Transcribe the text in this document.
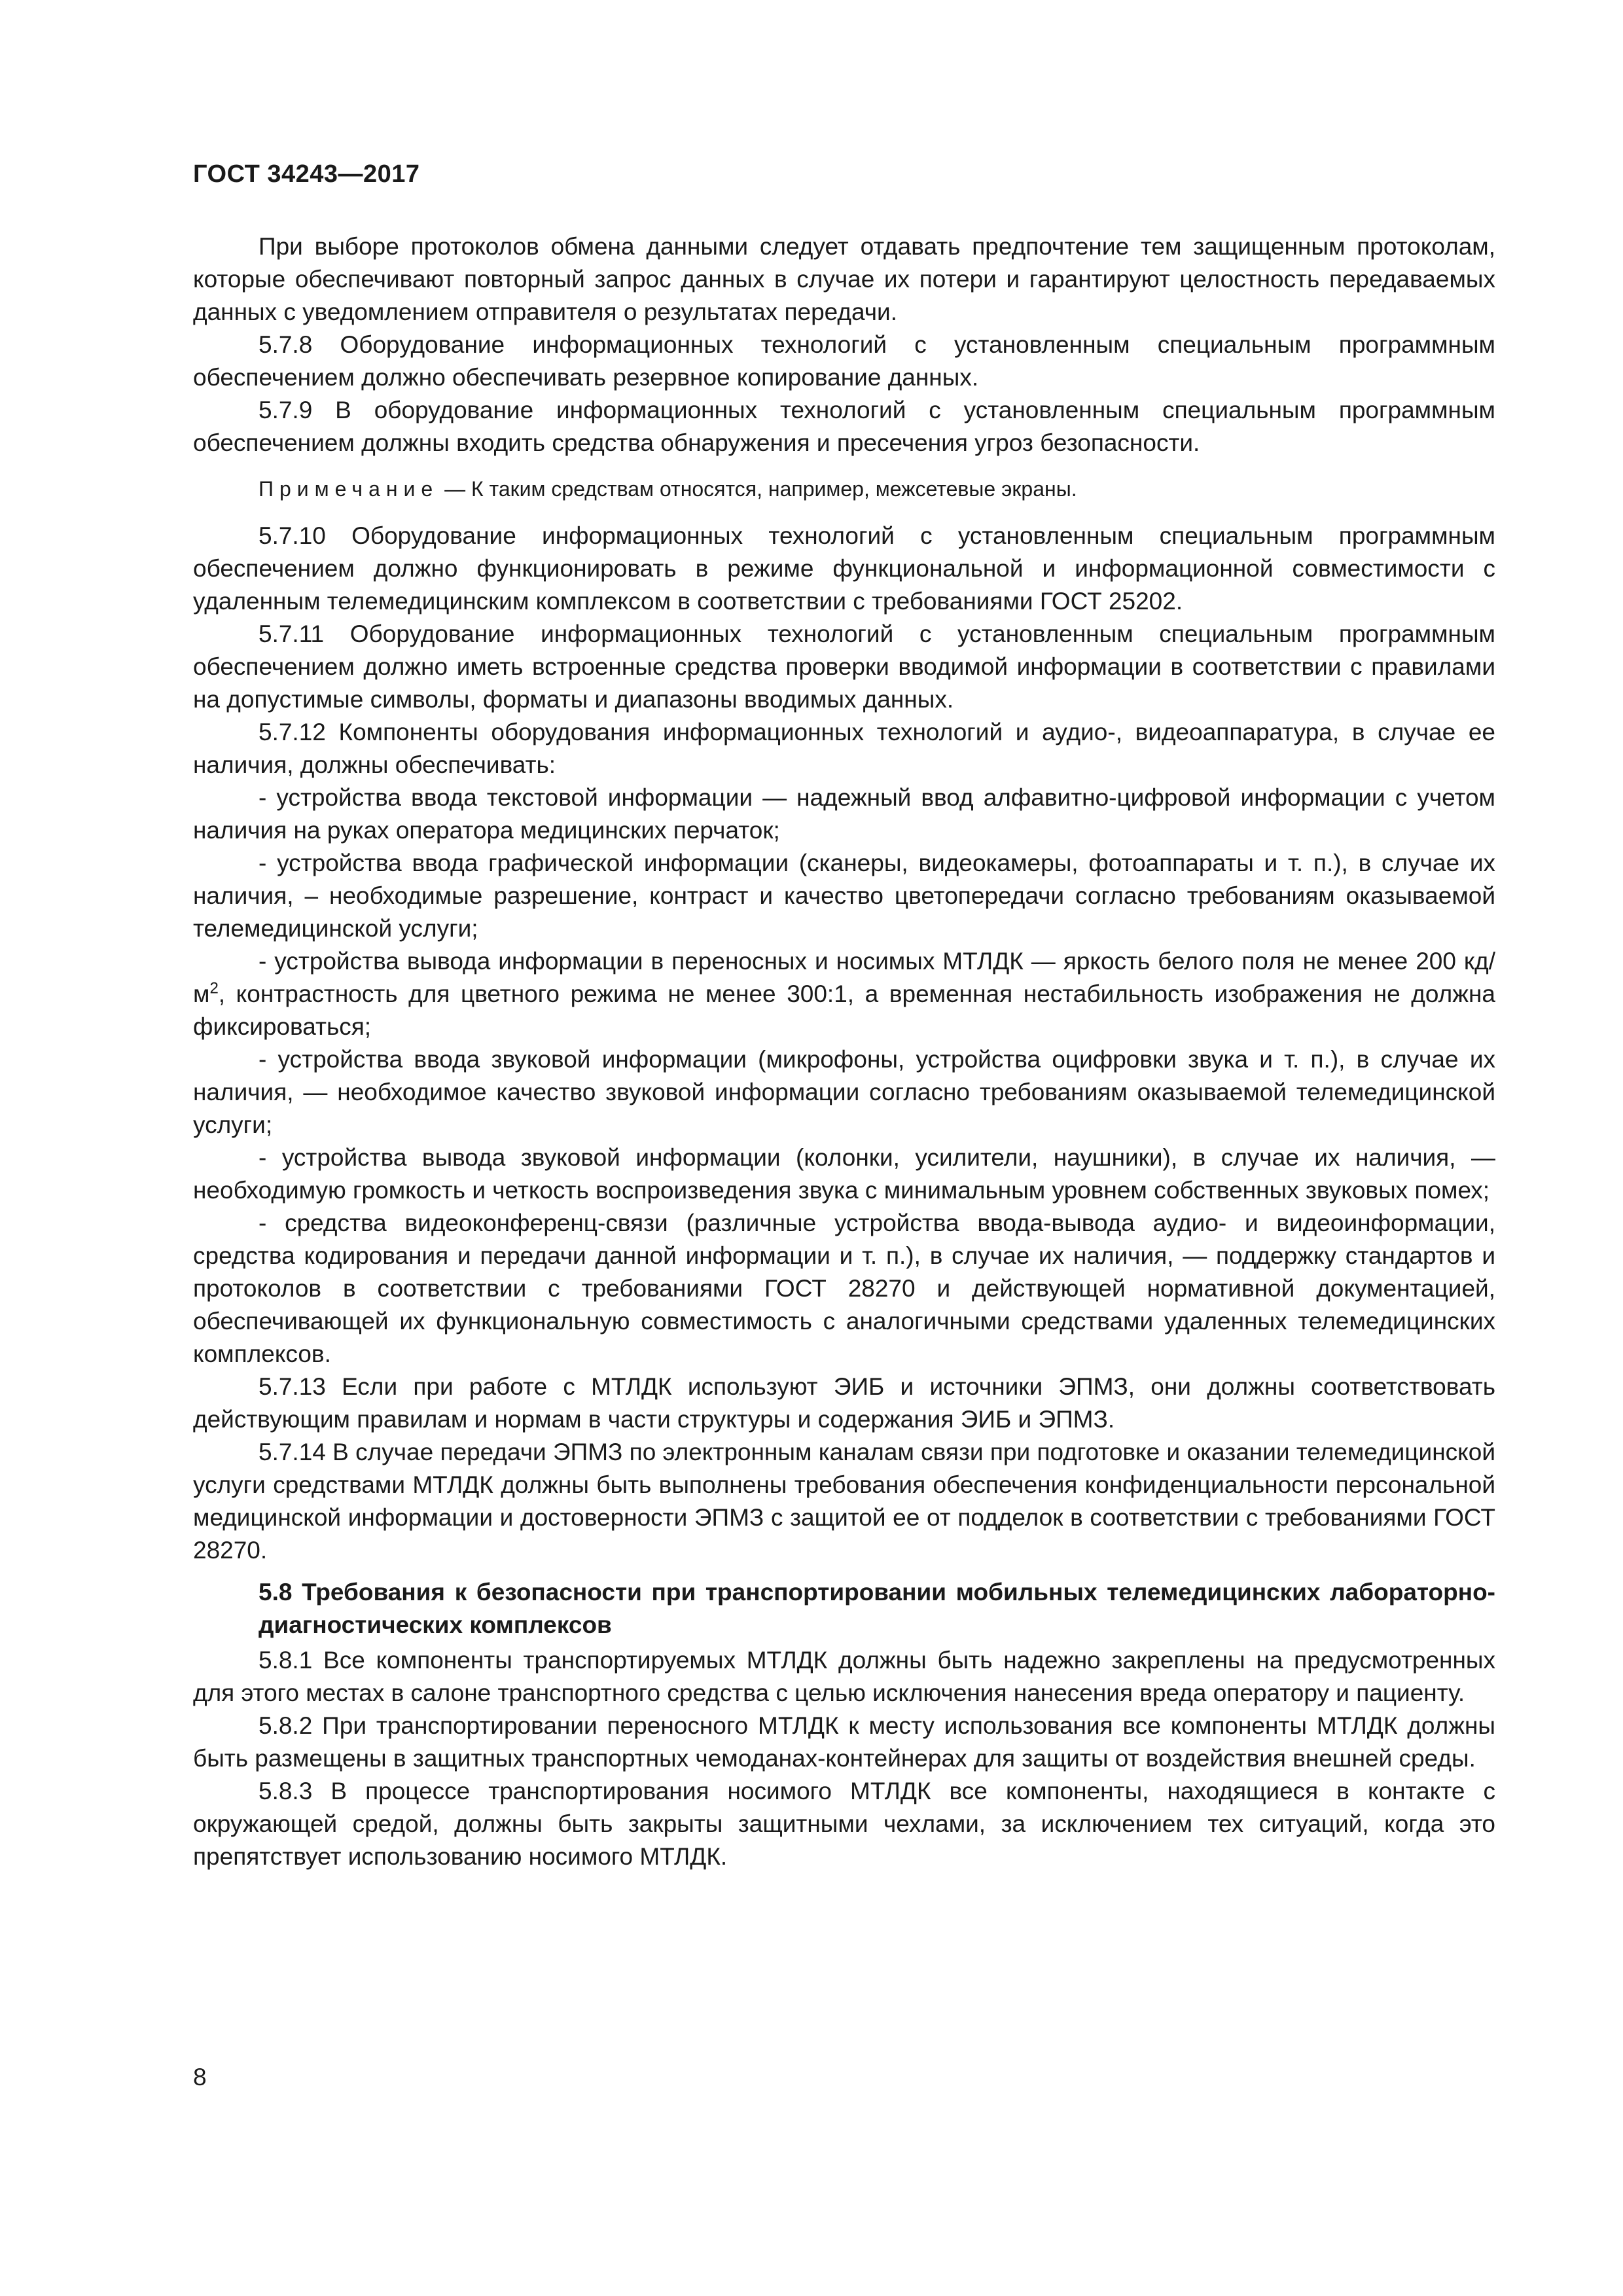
ГОСТ 34243—2017

При выборе протоколов обмена данными следует отдавать предпочтение тем защищенным протоколам, которые обеспечивают повторный запрос данных в случае их потери и гарантируют целостность передаваемых данных с уведомлением отправителя о результатах передачи.

5.7.8 Оборудование информационных технологий с установленным специальным программным обеспечением должно обеспечивать резервное копирование данных.

5.7.9 В оборудование информационных технологий с установленным специальным программным обеспечением должны входить средства обнаружения и пресечения угроз безопасности.

Примечание — К таким средствам относятся, например, межсетевые экраны.

5.7.10 Оборудование информационных технологий с установленным специальным программным обеспечением должно функционировать в режиме функциональной и информационной совместимости с удаленным телемедицинским комплексом в соответствии с требованиями ГОСТ 25202.

5.7.11 Оборудование информационных технологий с установленным специальным программным обеспечением должно иметь встроенные средства проверки вводимой информации в соответствии с правилами на допустимые символы, форматы и диапазоны вводимых данных.

5.7.12 Компоненты оборудования информационных технологий и аудио-, видеоаппаратура, в случае ее наличия, должны обеспечивать:

- устройства ввода текстовой информации — надежный ввод алфавитно-цифровой информации с учетом наличия на руках оператора медицинских перчаток;

- устройства ввода графической информации (сканеры, видеокамеры, фотоаппараты и т. п.), в случае их наличия, – необходимые разрешение, контраст и качество цветопередачи согласно требованиям оказываемой телемедицинской услуги;

- устройства вывода информации в переносных и носимых МТЛДК — яркость белого поля не менее 200 $кд/м^2$, контрастность для цветного режима не менее 300:1, а временная нестабильность изображения не должна фиксироваться;

- устройства ввода звуковой информации (микрофоны, устройства оцифровки звука и т. п.), в случае их наличия, — необходимое качество звуковой информации согласно требованиям оказываемой телемедицинской услуги;

- устройства вывода звуковой информации (колонки, усилители, наушники), в случае их наличия, — необходимую громкость и четкость воспроизведения звука с минимальным уровнем собственных звуковых помех;

- средства видеоконференц-связи (различные устройства ввода-вывода аудио- и видеоинформации, средства кодирования и передачи данной информации и т. п.), в случае их наличия, — поддержку стандартов и протоколов в соответствии с требованиями ГОСТ 28270 и действующей нормативной документацией, обеспечивающей их функциональную совместимость с аналогичными средствами удаленных телемедицинских комплексов.

5.7.13 Если при работе с МТЛДК используют ЭИБ и источники ЭПМЗ, они должны соответствовать действующим правилам и нормам в части структуры и содержания ЭИБ и ЭПМЗ.

5.7.14 В случае передачи ЭПМЗ по электронным каналам связи при подготовке и оказании телемедицинской услуги средствами МТЛДК должны быть выполнены требования обеспечения конфиденциальности персональной медицинской информации и достоверности ЭПМЗ с защитой ее от подделок в соответствии с требованиями ГОСТ 28270.

5.8 Требования к безопасности при транспортировании мобильных телемедицинских лабораторно-диагностических комплексов

5.8.1 Все компоненты транспортируемых МТЛДК должны быть надежно закреплены на предусмотренных для этого местах в салоне транспортного средства с целью исключения нанесения вреда оператору и пациенту.

5.8.2 При транспортировании переносного МТЛДК к месту использования все компоненты МТЛДК должны быть размещены в защитных транспортных чемоданах-контейнерах для защиты от воздействия внешней среды.

5.8.3 В процессе транспортирования носимого МТЛДК все компоненты, находящиеся в контакте с окружающей средой, должны быть закрыты защитными чехлами, за исключением тех ситуаций, когда это препятствует использованию носимого МТЛДК.

8
